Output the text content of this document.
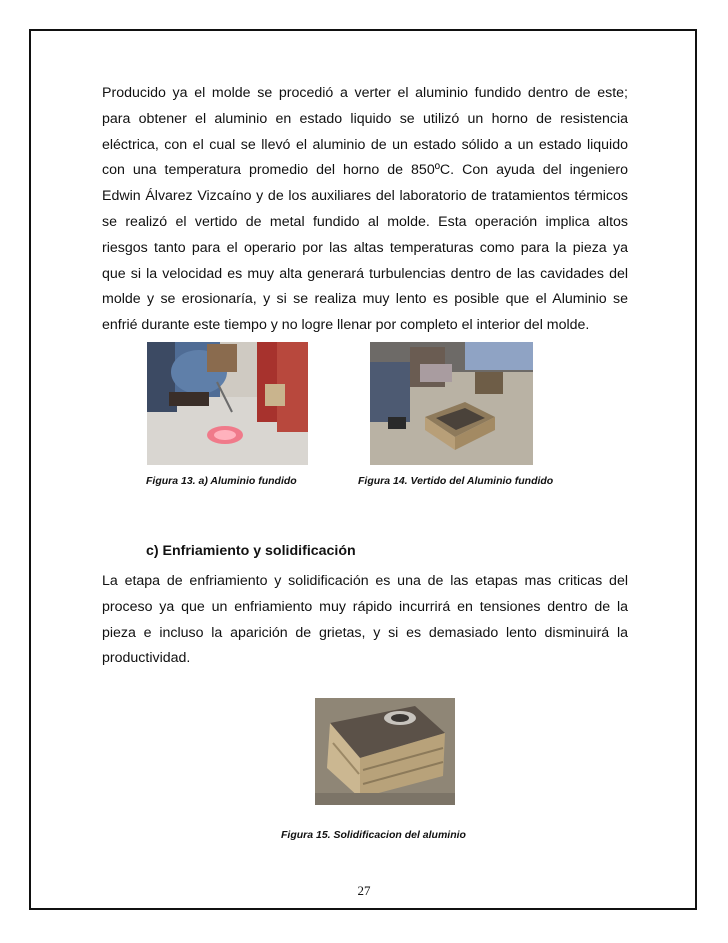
Producido ya el molde se procedió a verter el aluminio fundido dentro de este;
para obtener el aluminio en estado liquido se utilizó un horno de resistencia
eléctrica, con el cual se llevó el aluminio de un estado sólido a un estado liquido
con una temperatura promedio del horno de 850ºC. Con ayuda del ingeniero
Edwin Álvarez Vizcaíno y de los auxiliares del laboratorio de tratamientos térmicos
se realizó el vertido de metal fundido al molde. Esta operación implica altos
riesgos tanto para el operario por las altas temperaturas como para la pieza ya
que si la velocidad es muy alta generará turbulencias dentro de las cavidades del
molde y se erosionaría, y si se realiza muy lento es posible que el Aluminio se
enfrié durante este tiempo y no logre llenar por completo el interior del molde.
Figura 13. a) Aluminio fundido	Figura 14. Vertido del Aluminio fundido
c) Enfriamiento y solidificación
La etapa de enfriamiento y solidificación es una de las etapas mas criticas del
proceso ya que un enfriamiento muy rápido incurrirá en tensiones dentro de la
pieza e incluso la aparición de grietas, y si es demasiado lento disminuirá la
productividad.
Figura 15. Solidificacion del aluminio
27
